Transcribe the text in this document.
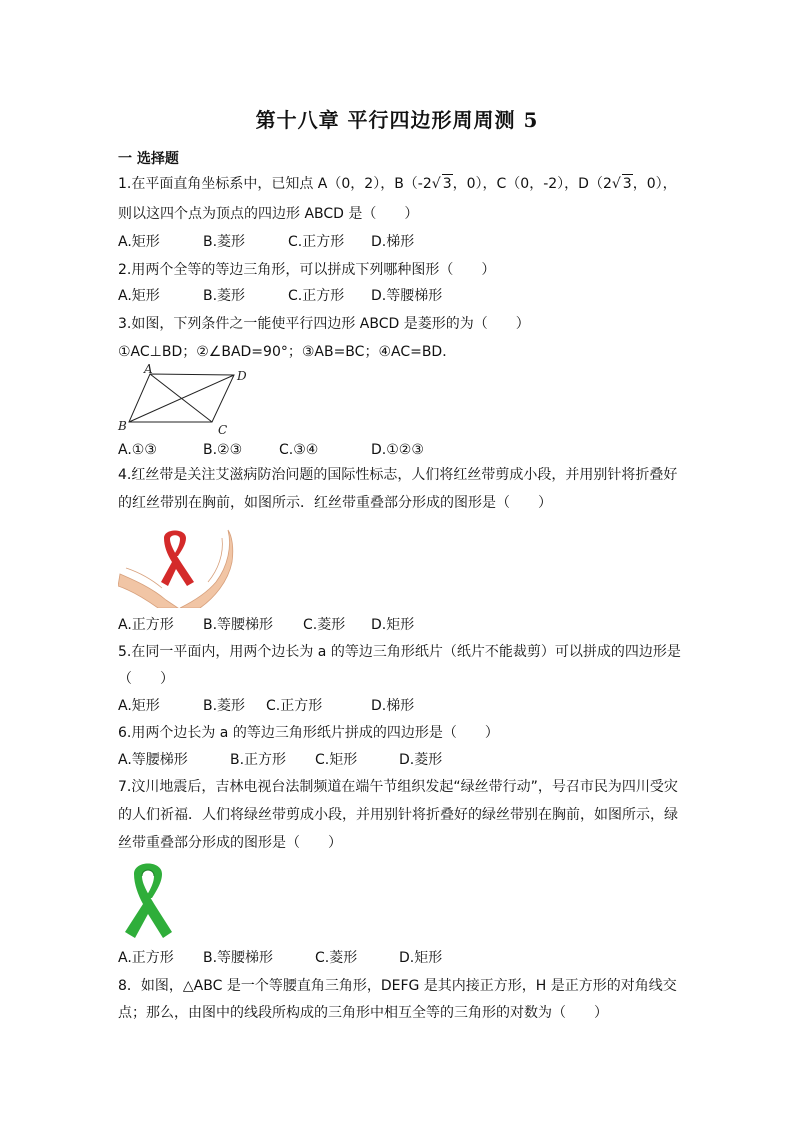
第十八章 平行四边形周周测 5
一 选择题
1.在平面直角坐标系中，已知点 A（0，2），B（-2√ 3，0），C（0，-2），D（2√ 3，0），
则以这四个点为顶点的四边形 ABCD 是（　　）
A.矩形	B.菱形	C.正方形 D.梯形
2.用两个全等的等边三角形，可以拼成下列哪种图形（　　）
A.矩形	B.菱形	C.正方形 D.等腰梯形
3.如图，下列条件之一能使平行四边形 ABCD 是菱形的为（　　）
①AC⊥BD；②∠BAD=90°；③AB=BC；④AC=BD．
A	D
B	C
A.①③	B.②③	C.③④	D.①②③
4.红丝带是关注艾滋病防治问题的国际性标志，人们将红丝带剪成小段，并用别针将折叠好
的红丝带别在胸前，如图所示．红丝带重叠部分形成的图形是（　　）
A.正方形 B.等腰梯形 C.菱形 D.矩形
5.在同一平面内，用两个边长为 a 的等边三角形纸片（纸片不能裁剪）可以拼成的四边形是
（　　）
A.矩形	B.菱形 C.正方形	D.梯形
6.用两个边长为 a 的等边三角形纸片拼成的四边形是（　　）
A.等腰梯形	B.正方形 C.矩形	D.菱形
7.汶川地震后，吉林电视台法制频道在端午节组织发起“绿丝带行动”，号召市民为四川受灾
的人们祈福．人们将绿丝带剪成小段，并用别针将折叠好的绿丝带别在胸前，如图所示，绿
丝带重叠部分形成的图形是（　　）
A.正方形 B.等腰梯形	C.菱形	D.矩形
8．如图，△ABC 是一个等腰直角三角形，DEFG 是其内接正方形，H 是正方形的对角线交
点；那么，由图中的线段所构成的三角形中相互全等的三角形的对数为（　　）
